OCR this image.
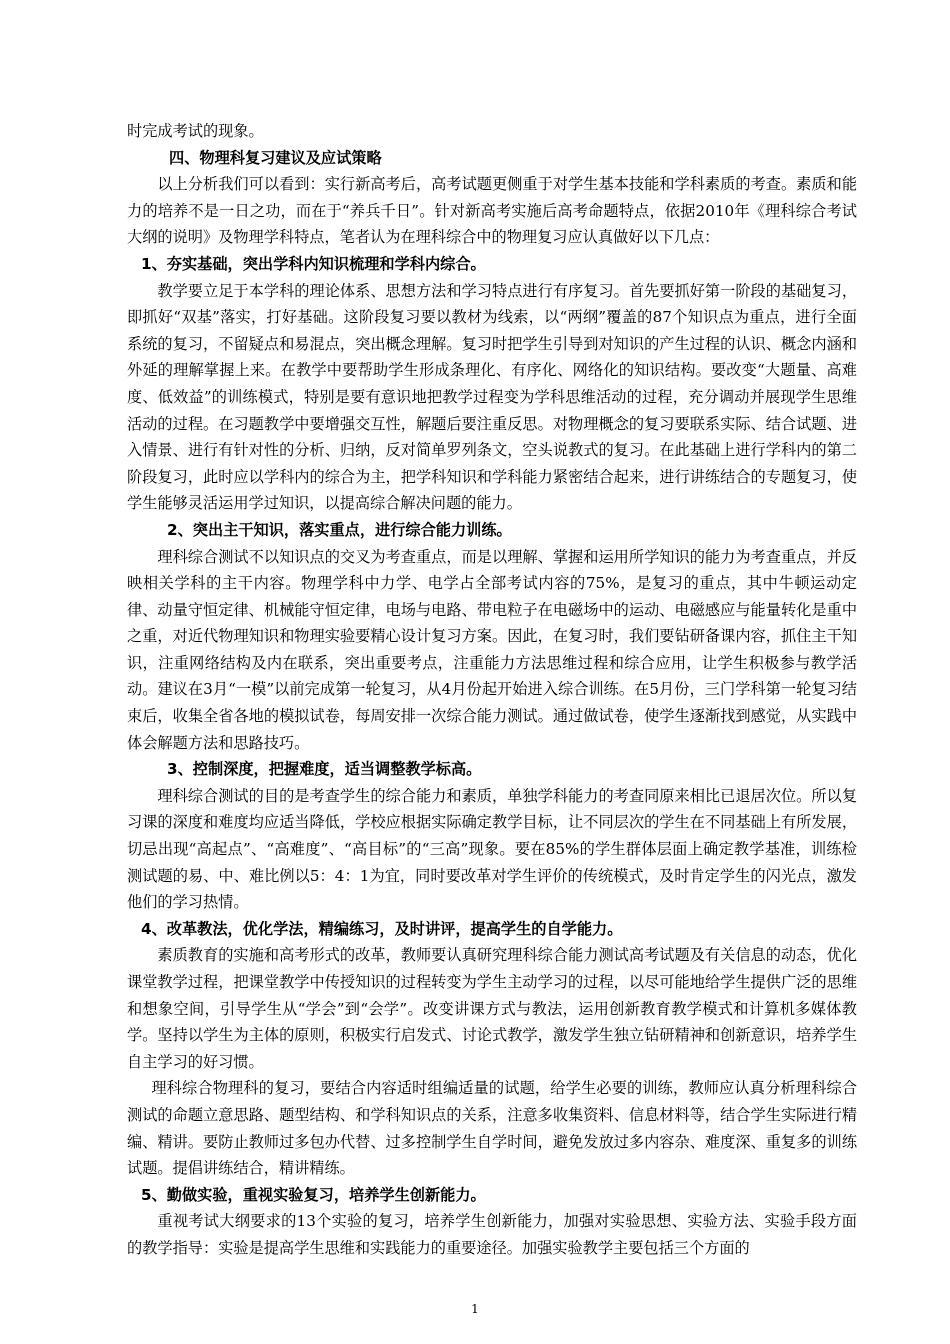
时完成考试的现象。

四、物理科复习建议及应试策略

以上分析我们可以看到：实行新高考后，高考试题更侧重于对学生基本技能和学科素质的考查。素质和能力的培养不是一日之功，而在于“养兵千日”。针对新高考实施后高考命题特点，依据2010年《理科综合考试大纲的说明》及物理学科特点，笔者认为在理科综合中的物理复习应认真做好以下几点：

1、夯实基础，突出学科内知识梳理和学科内综合。

教学要立足于本学科的理论体系、思想方法和学习特点进行有序复习。首先要抓好第一阶段的基础复习，即抓好“双基”落实，打好基础。这阶段复习要以教材为线索，以“两纲”覆盖的87个知识点为重点，进行全面系统的复习，不留疑点和易混点，突出概念理解。复习时把学生引导到对知识的产生过程的认识、概念内涵和外延的理解掌握上来。在教学中要帮助学生形成条理化、有序化、网络化的知识结构。要改变“大题量、高难度、低效益”的训练模式，特别是要有意识地把教学过程变为学科思维活动的过程，充分调动并展现学生思维活动的过程。在习题教学中要增强交互性，解题后要注重反思。对物理概念的复习要联系实际、结合试题、进入情景、进行有针对性的分析、归纳，反对简单罗列条文，空头说教式的复习。在此基础上进行学科内的第二阶段复习，此时应以学科内的综合为主，把学科知识和学科能力紧密结合起来，进行讲练结合的专题复习，使学生能够灵活运用学过知识，以提高综合解决问题的能力。

2、突出主干知识，落实重点，进行综合能力训练。

理科综合测试不以知识点的交叉为考查重点，而是以理解、掌握和运用所学知识的能力为考查重点，并反映相关学科的主干内容。物理学科中力学、电学占全部考试内容的75%，是复习的重点，其中牛顿运动定律、动量守恒定律、机械能守恒定律，电场与电路、带电粒子在电磁场中的运动、电磁感应与能量转化是重中之重，对近代物理知识和物理实验要精心设计复习方案。因此，在复习时，我们要钻研备课内容，抓住主干知识，注重网络结构及内在联系，突出重要考点，注重能力方法思维过程和综合应用，让学生积极参与教学活动。建议在3月“一模”以前完成第一轮复习，从4月份起开始进入综合训练。在5月份，三门学科第一轮复习结束后，收集全省各地的模拟试卷，每周安排一次综合能力测试。通过做试卷，使学生逐渐找到感觉，从实践中体会解题方法和思路技巧。

3、控制深度，把握难度，适当调整教学标高。

理科综合测试的目的是考查学生的综合能力和素质，单独学科能力的考查同原来相比已退居次位。所以复习课的深度和难度均应适当降低，学校应根据实际确定教学目标，让不同层次的学生在不同基础上有所发展，切忌出现“高起点”、“高难度”、“高目标”的“三高”现象。要在85%的学生群体层面上确定教学基准，训练检测试题的易、中、难比例以5：4：1为宜，同时要改革对学生评价的传统模式，及时肯定学生的闪光点，激发他们的学习热情。

4、改革教法，优化学法，精编练习，及时讲评，提高学生的自学能力。

素质教育的实施和高考形式的改革，教师要认真研究理科综合能力测试高考试题及有关信息的动态，优化课堂教学过程，把课堂教学中传授知识的过程转变为学生主动学习的过程，以尽可能地给学生提供广泛的思维和想象空间，引导学生从“学会”到“会学”。改变讲课方式与教法，运用创新教育教学模式和计算机多媒体教学。坚持以学生为主体的原则，积极实行启发式、讨论式教学，激发学生独立钻研精神和创新意识，培养学生自主学习的好习惯。

理科综合物理科的复习，要结合内容适时组编适量的试题，给学生必要的训练，教师应认真分析理科综合测试的命题立意思路、题型结构、和学科知识点的关系，注意多收集资料、信息材料等，结合学生实际进行精编、精讲。要防止教师过多包办代替、过多控制学生自学时间，避免发放过多内容杂、难度深、重复多的训练试题。提倡讲练结合，精讲精练。

5、勤做实验，重视实验复习，培养学生创新能力。

重视考试大纲要求的13个实验的复习，培养学生创新能力，加强对实验思想、实验方法、实验手段方面的教学指导：实验是提高学生思维和实践能力的重要途径。加强实验教学主要包括三个方面的

1
